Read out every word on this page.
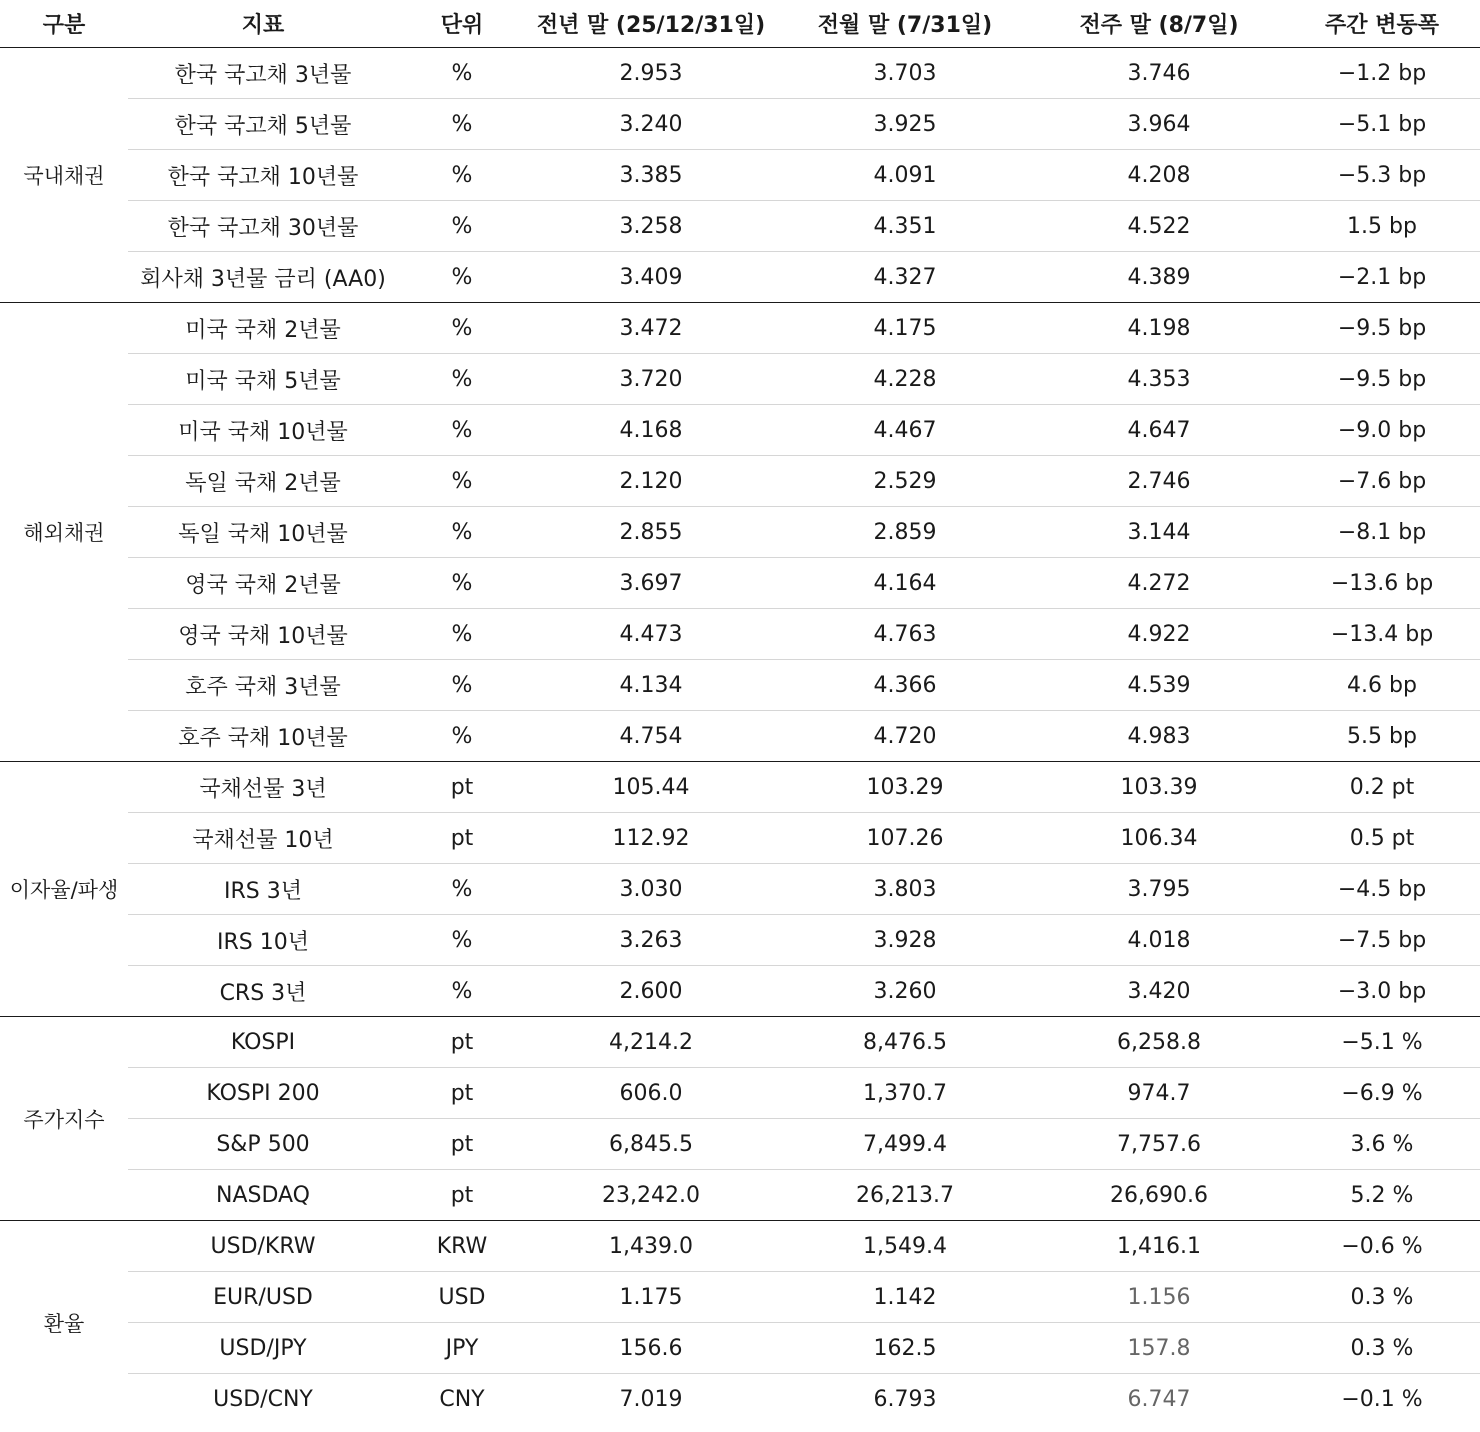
구분	지표	단위	전년 말 (25/12/31일)	전월 말 (7/31일)	전주 말 (8/7일)	주간 변동폭
국내채권	한국 국고채 3년물	%	2.953	3.703	3.746	−1.2 bp
	한국 국고채 5년물	%	3.240	3.925	3.964	−5.1 bp
	한국 국고채 10년물	%	3.385	4.091	4.208	−5.3 bp
	한국 국고채 30년물	%	3.258	4.351	4.522	1.5 bp
	회사채 3년물 금리 (AA0)	%	3.409	4.327	4.389	−2.1 bp
해외채권	미국 국채 2년물	%	3.472	4.175	4.198	−9.5 bp
	미국 국채 5년물	%	3.720	4.228	4.353	−9.5 bp
	미국 국채 10년물	%	4.168	4.467	4.647	−9.0 bp
	독일 국채 2년물	%	2.120	2.529	2.746	−7.6 bp
	독일 국채 10년물	%	2.855	2.859	3.144	−8.1 bp
	영국 국채 2년물	%	3.697	4.164	4.272	−13.6 bp
	영국 국채 10년물	%	4.473	4.763	4.922	−13.4 bp
	호주 국채 3년물	%	4.134	4.366	4.539	4.6 bp
	호주 국채 10년물	%	4.754	4.720	4.983	5.5 bp
이자율/파생	국채선물 3년	pt	105.44	103.29	103.39	0.2 pt
	국채선물 10년	pt	112.92	107.26	106.34	0.5 pt
	IRS 3년	%	3.030	3.803	3.795	−4.5 bp
	IRS 10년	%	3.263	3.928	4.018	−7.5 bp
	CRS 3년	%	2.600	3.260	3.420	−3.0 bp
주가지수	KOSPI	pt	4,214.2	8,476.5	6,258.8	−5.1 %
	KOSPI 200	pt	606.0	1,370.7	974.7	−6.9 %
	S&P 500	pt	6,845.5	7,499.4	7,757.6	3.6 %
	NASDAQ	pt	23,242.0	26,213.7	26,690.6	5.2 %
환율	USD/KRW	KRW	1,439.0	1,549.4	1,416.1	−0.6 %
	EUR/USD	USD	1.175	1.142	1.156	0.3 %
	USD/JPY	JPY	156.6	162.5	157.8	0.3 %
	USD/CNY	CNY	7.019	6.793	6.747	−0.1 %
